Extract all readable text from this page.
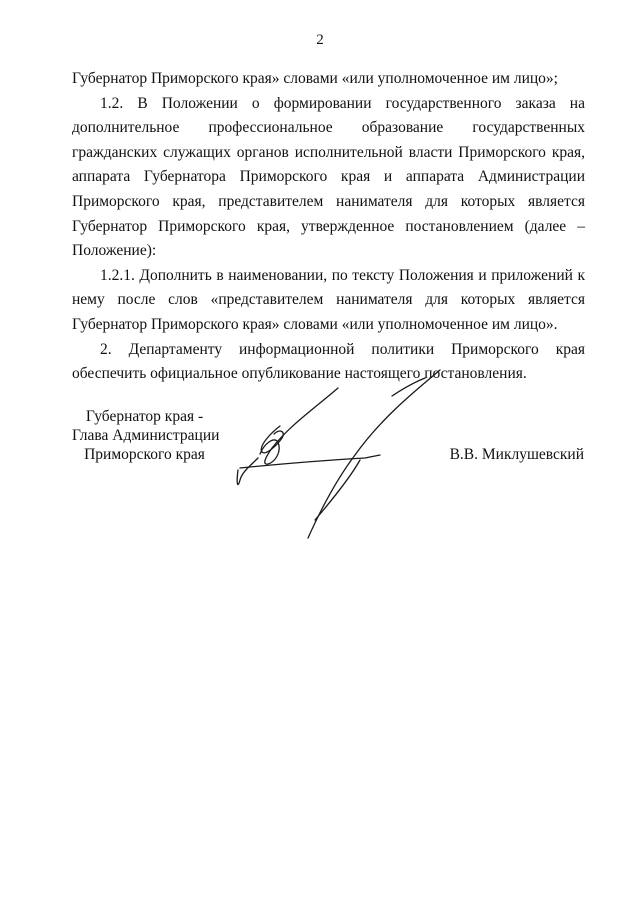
2

Губернатор Приморского края» словами «или уполномоченное им лицо»;

1.2. В Положении о формировании государственного заказа на дополнительное профессиональное образование государственных гражданских служащих органов исполнительной власти Приморского края, аппарата Губернатора Приморского края и аппарата Администрации Приморского края, представителем нанимателя для которых является Губернатор Приморского края, утвержденное постановлением (далее – Положение):

1.2.1. Дополнить в наименовании, по тексту Положения и приложений к нему после слов «представителем нанимателя для которых является Губернатор Приморского края» словами «или уполномоченное им лицо».

2. Департаменту информационной политики Приморского края обеспечить официальное опубликование настоящего постановления.

Губернатор края -
Глава Администрации
Приморского края	В.В. Миклушевский
